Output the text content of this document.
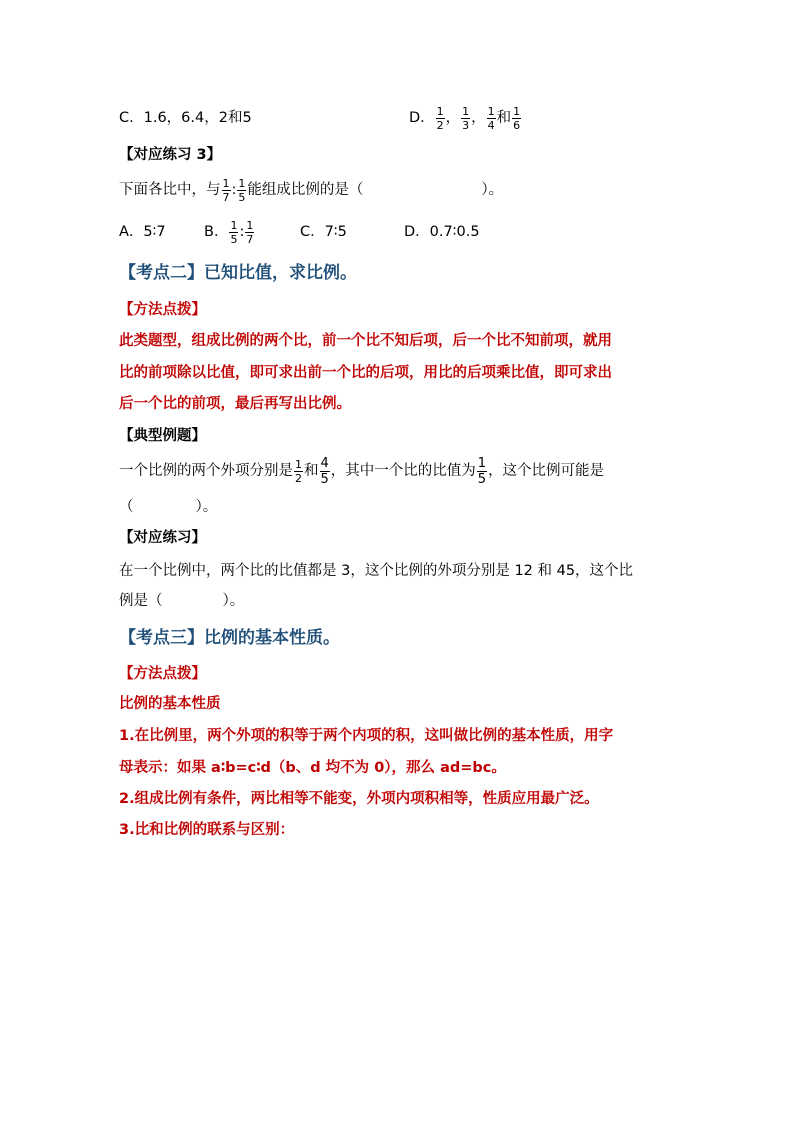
C．1.6，6.4，2和5	D． $\frac{1}{2}$ ， $\frac{1}{3}$ ， $\frac{1}{4}$ 和 $\frac{1}{6}$
【对应练习 3】
下面各比中，与 $\frac{1}{7}$ : $\frac{1}{5}$ 能组成比例的是（	）。
A．5∶7	B． $\frac{1}{5}$ : $\frac{1}{7}$	C．7∶5	D．0.7∶0.5
【考点二】已知比值，求比例。
【方法点拨】
此类题型，组成比例的两个比，前一个比不知后项，后一个比不知前项，就用
比的前项除以比值，即可求出前一个比的后项，用比的后项乘比值，即可求出
后一个比的前项，最后再写出比例。
【典型例题】
一个比例的两个外项分别是 $\frac{1}{2}$ 和 $\frac{4}{5}$ ，其中一个比的比值为 $\frac{1}{5}$ ，这个比例可能是
（	）。
【对应练习】
在一个比例中，两个比的比值都是 3，这个比例的外项分别是 12 和 45，这个比
例是（	）。
【考点三】比例的基本性质。
【方法点拨】
比例的基本性质
1.在比例里，两个外项的积等于两个内项的积，这叫做比例的基本性质，用字
母表示：如果 a∶b=c∶d（b、d 均不为 0），那么 ad=bc。
2.组成比例有条件，两比相等不能变，外项内项积相等，性质应用最广泛。
3.比和比例的联系与区别：
